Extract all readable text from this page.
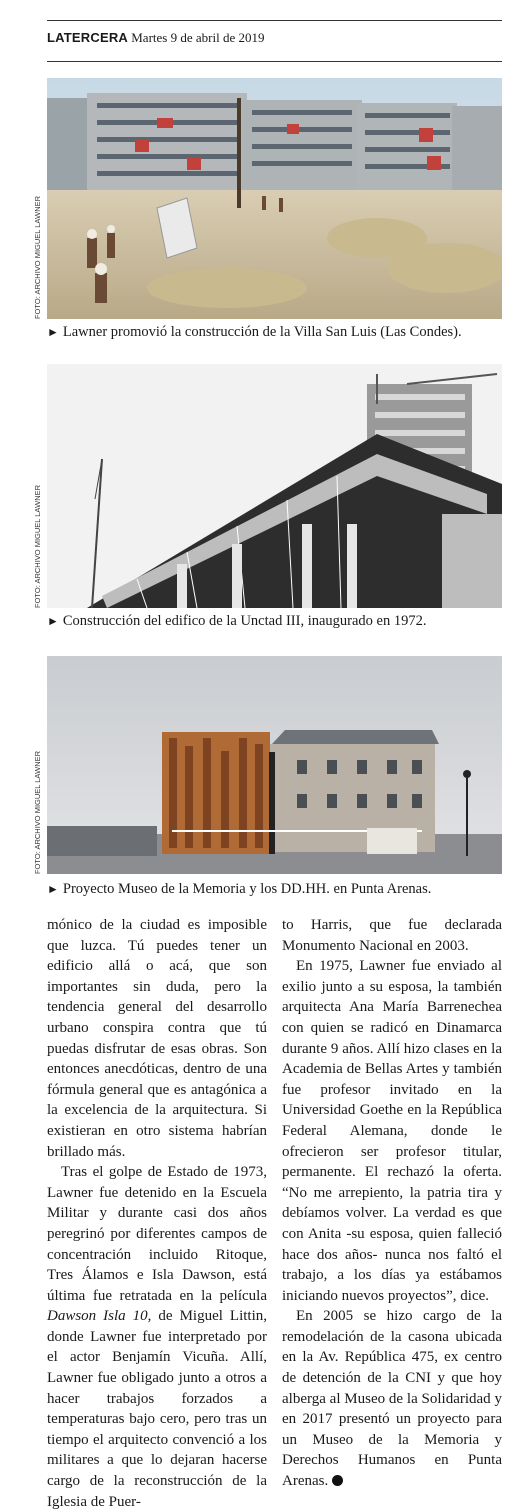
LATERCERA Martes 9 de abril de 2019
FOTO: ARCHIVO MIGUEL LAWNER
► Lawner promovió la construcción de la Villa San Luis (Las Condes).
FOTO: ARCHIVO MIGUEL LAWNER
► Construcción del edifico de la Unctad III, inaugurado en 1972.
FOTO: ARCHIVO MIGUEL LAWNER
► Proyecto Museo de la Memoria y los DD.HH. en Punta Arenas.

mónico de la ciudad es imposible que luzca. Tú puedes tener un edificio allá o acá, que son importantes sin duda, pero la tendencia general del desarrollo urbano conspira contra que tú puedas disfrutar de esas obras. Son entonces anecdóticas, dentro de una fórmula general que es antagónica a la excelencia de la arquitectura. Si existieran en otro sistema habrían brillado más.

Tras el golpe de Estado de 1973, Lawner fue detenido en la Escuela Militar y durante casi dos años peregrinó por diferentes campos de concentración incluido Ritoque, Tres Álamos e Isla Dawson, está última fue retratada en la película Dawson Isla 10, de Miguel Littin, donde Lawner fue interpretado por el actor Benjamín Vicuña. Allí, Lawner fue obligado junto a otros a hacer trabajos forzados a temperaturas bajo cero, pero tras un tiempo el arquitecto convenció a los militares a que lo dejaran hacerse cargo de la reconstrucción de la Iglesia de Puer-

to Harris, que fue declarada Monumento Nacional en 2003.

En 1975, Lawner fue enviado al exilio junto a su esposa, la también arquitecta Ana María Barrenechea con quien se radicó en Dinamarca durante 9 años. Allí hizo clases en la Academia de Bellas Artes y también fue profesor invitado en la Universidad Goethe en la República Federal Alemana, donde le ofrecieron ser profesor titular, permanente. El rechazó la oferta. “No me arrepiento, la patria tira y debíamos volver. La verdad es que con Anita -su esposa, quien falleció hace dos años- nunca nos faltó el trabajo, a los días ya estábamos iniciando nuevos proyectos”, dice.

En 2005 se hizo cargo de la remodelación de la casona ubicada en la Av. República 475, ex centro de detención de la CNI y que hoy alberga al Museo de la Solidaridad y en 2017 presentó un proyecto para un Museo de la Memoria y Derechos Humanos en Punta Arenas.
